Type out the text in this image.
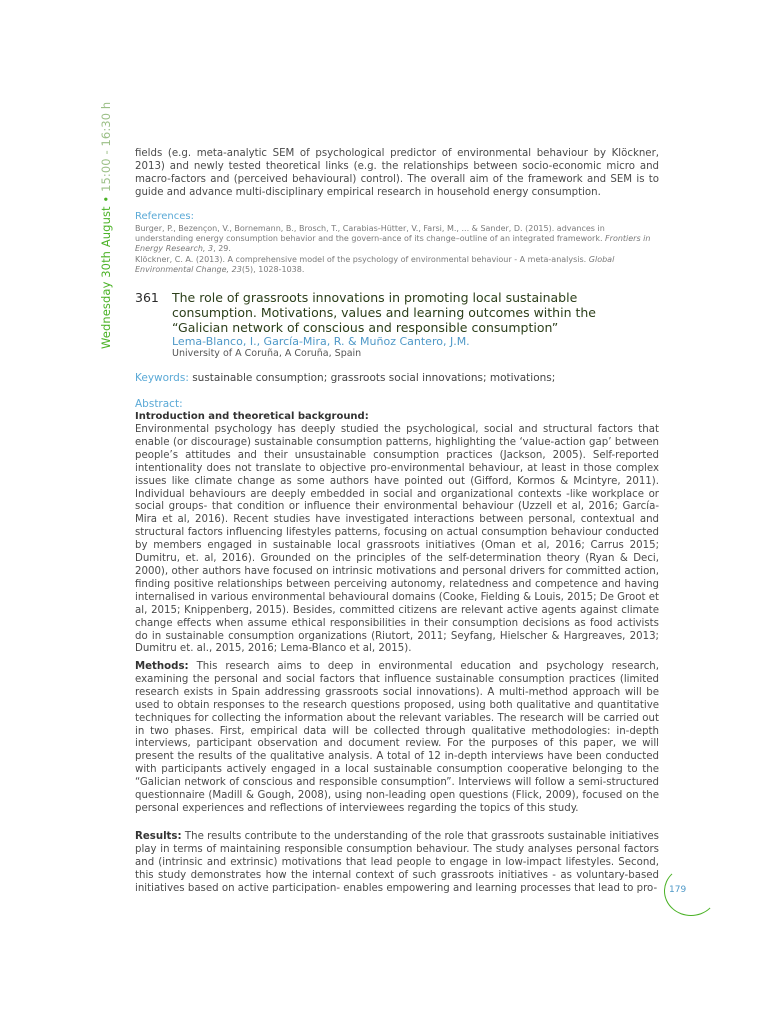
Wednesday 30th August • 15:00 - 16:30 h fields (e.g. meta-analytic SEM of psychological predictor of environmental behaviour by Klöckner, 2013) and newly tested theoretical links (e.g. the relationships between socio-economic micro and macro-factors and (perceived behavioural) control). The overall aim of the framework and SEM is to guide and advance multi-disciplinary empirical research in household energy consumption.
References:

Burger, P., Bezençon, V., Bornemann, B., Brosch, T., Carabias-Hütter, V., Farsi, M., ... & Sander, D. (2015). advances in understanding energy consumption behavior and the govern-ance of its change–outline of an integrated framework. Frontiers in Energy Research, 3, 29.

Klöckner, C. A. (2013). A comprehensive model of the psychology of environmental behaviour - A meta-analysis. Global Environmental Change, 23(5), 1028-1038.

361 The role of grassroots innovations in promoting local sustainable consumption. Motivations, values and learning outcomes within the “Galician network of conscious and responsible consumption”
Lema-Blanco, I., García-Mira, R. & Muñoz Cantero, J.M.
University of A Coruña, A Coruña, Spain
Keywords: sustainable consumption; grassroots social innovations; motivations;
Abstract:
Introduction and theoretical background:
Environmental psychology has deeply studied the psychological, social and structural factors that enable (or discourage) sustainable consumption patterns, highlighting the ‘value-action gap’ between people’s attitudes and their unsustainable consumption practices (Jackson, 2005). Self-reported intentionality does not translate to objective pro-environmental behaviour, at least in those complex issues like climate change as some authors have pointed out (Gifford, Kormos & Mcintyre, 2011). Individual behaviours are deeply embedded in social and organizational contexts -like workplace or social groups- that condition or influence their environmental behaviour (Uzzell et al, 2016; García-Mira et al, 2016). Recent studies have investigated interactions between personal, contextual and structural factors influencing lifestyles patterns, focusing on actual consumption behaviour conducted by members engaged in sustainable local grassroots initiatives (Oman et al, 2016; Carrus 2015; Dumitru, et. al, 2016). Grounded on the principles of the self-determination theory (Ryan & Deci, 2000), other authors have focused on intrinsic motivations and personal drivers for committed action, finding positive relationships between perceiving autonomy, relatedness and competence and having internalised in various environmental behavioural domains (Cooke, Fielding & Louis, 2015; De Groot et al, 2015; Knippenberg, 2015). Besides, committed citizens are relevant active agents against climate change effects when assume ethical responsibilities in their consumption decisions as food activists do in sustainable consumption organizations (Riutort, 2011; Seyfang, Hielscher & Hargreaves, 2013; Dumitru et. al., 2015, 2016; Lema-Blanco et al, 2015).
Methods: This research aims to deep in environmental education and psychology research, examining the personal and social factors that influence sustainable consumption practices (limited research exists in Spain addressing grassroots social innovations). A multi-method approach will be used to obtain responses to the research questions proposed, using both qualitative and quantitative techniques for collecting the information about the relevant variables. The research will be carried out in two phases. First, empirical data will be collected through qualitative methodologies: in-depth interviews, participant observation and document review. For the purposes of this paper, we will present the results of the qualitative analysis. A total of 12 in-depth interviews have been conducted with participants actively engaged in a local sustainable consumption cooperative belonging to the “Galician network of conscious and responsible consumption”. Interviews will follow a semi-structured questionnaire (Madill & Gough, 2008), using non-leading open questions (Flick, 2009), focused on the personal experiences and reflections of interviewees regarding the topics of this study.
Results: The results contribute to the understanding of the role that grassroots sustainable initiatives play in terms of maintaining responsible consumption behaviour. The study analyses personal factors and (intrinsic and extrinsic) motivations that lead people to engage in low-impact lifestyles. Second, this study demonstrates how the internal context of such grassroots initiatives - as voluntary-based initiatives based on active participation- enables empowering and learning processes that lead to pro- 179
